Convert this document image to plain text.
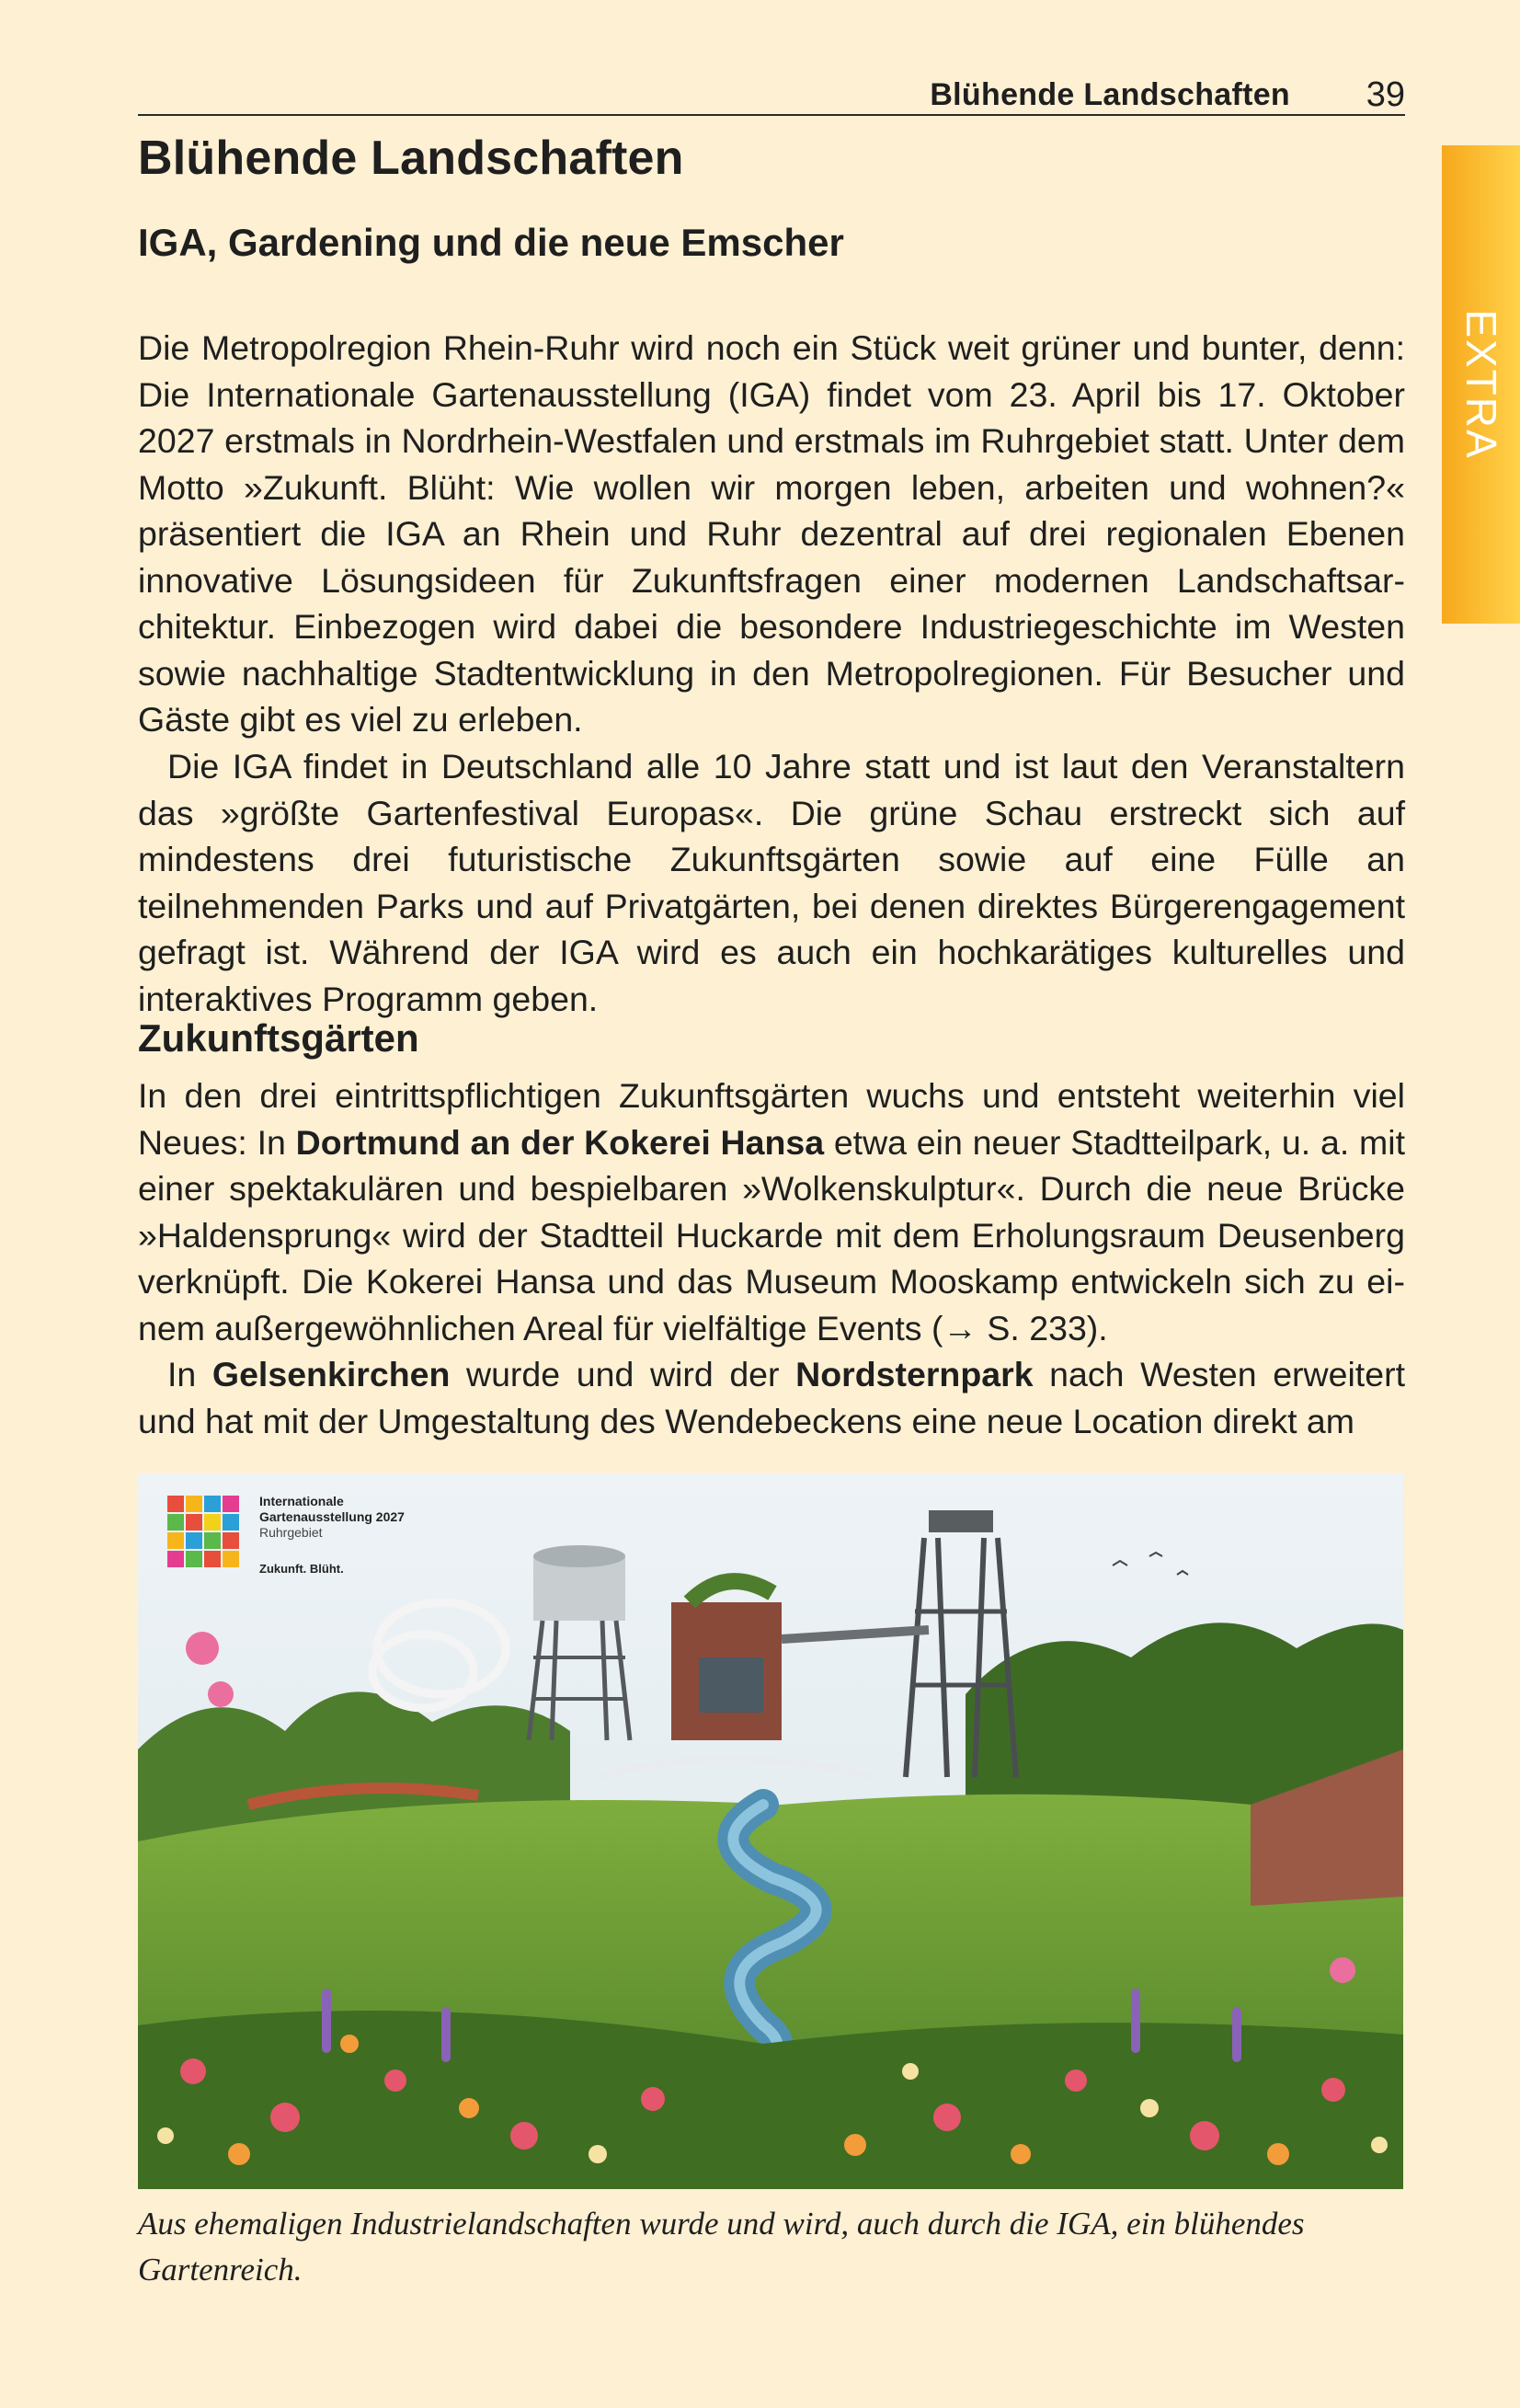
Blühende Landschaften 39
EXTRA
Blühende Landschaften
IGA, Gardening und die neue Emscher

Die Metropolregion Rhein-Ruhr wird noch ein Stück weit grüner und bunter, denn: Die Internationale Gartenausstellung (IGA) findet vom 23. April bis 17. Oktober 2027 erstmals in Nordrhein-Westfalen und erstmals im Ruhrgebiet statt. Unter dem Motto »Zukunft. Blüht: Wie wollen wir morgen leben, arbeiten und wohnen?« präsentiert die IGA an Rhein und Ruhr dezentral auf drei regionalen Ebenen innovative Lösungsideen für Zukunftsfragen einer modernen Landschaftsarchitektur. Einbezogen wird dabei die besondere Industriegeschichte im Westen sowie nachhaltige Stadtentwicklung in den Metropolregionen. Für Besucher und Gäste gibt es viel zu erleben.

Die IGA findet in Deutschland alle 10 Jahre statt und ist laut den Veranstaltern das »größte Gartenfestival Europas«. Die grüne Schau erstreckt sich auf mindestens drei futuristische Zukunftsgärten sowie auf eine Fülle an teilnehmenden Parks und auf Privatgärten, bei denen direktes Bürgerengagement gefragt ist. Während der IGA wird es auch ein hochkarätiges kulturelles und interaktives Programm geben.

Zukunftsgärten

In den drei eintrittspflichtigen Zukunftsgärten wuchs und entsteht weiterhin viel Neues: In Dortmund an der Kokerei Hansa etwa ein neuer Stadtteilpark, u. a. mit einer spektakulären und bespielbaren »Wolkenskulptur«. Durch die neue Brücke »Haldensprung« wird der Stadtteil Huckarde mit dem Erholungsraum Deusenberg verknüpft. Die Kokerei Hansa und das Museum Mooskamp entwickeln sich zu einem außergewöhnlichen Areal für vielfältige Events (→ S. 233).

In Gelsenkirchen wurde und wird der Nordsternpark nach Westen erweitert und hat mit der Umgestaltung des Wendebeckens eine neue Location direkt am

Internationale
Gartenausstellung 2027
Ruhrgebiet
Zukunft. Blüht.

Aus ehemaligen Industrielandschaften wurde und wird, auch durch die IGA, ein blühendes Gartenreich.
